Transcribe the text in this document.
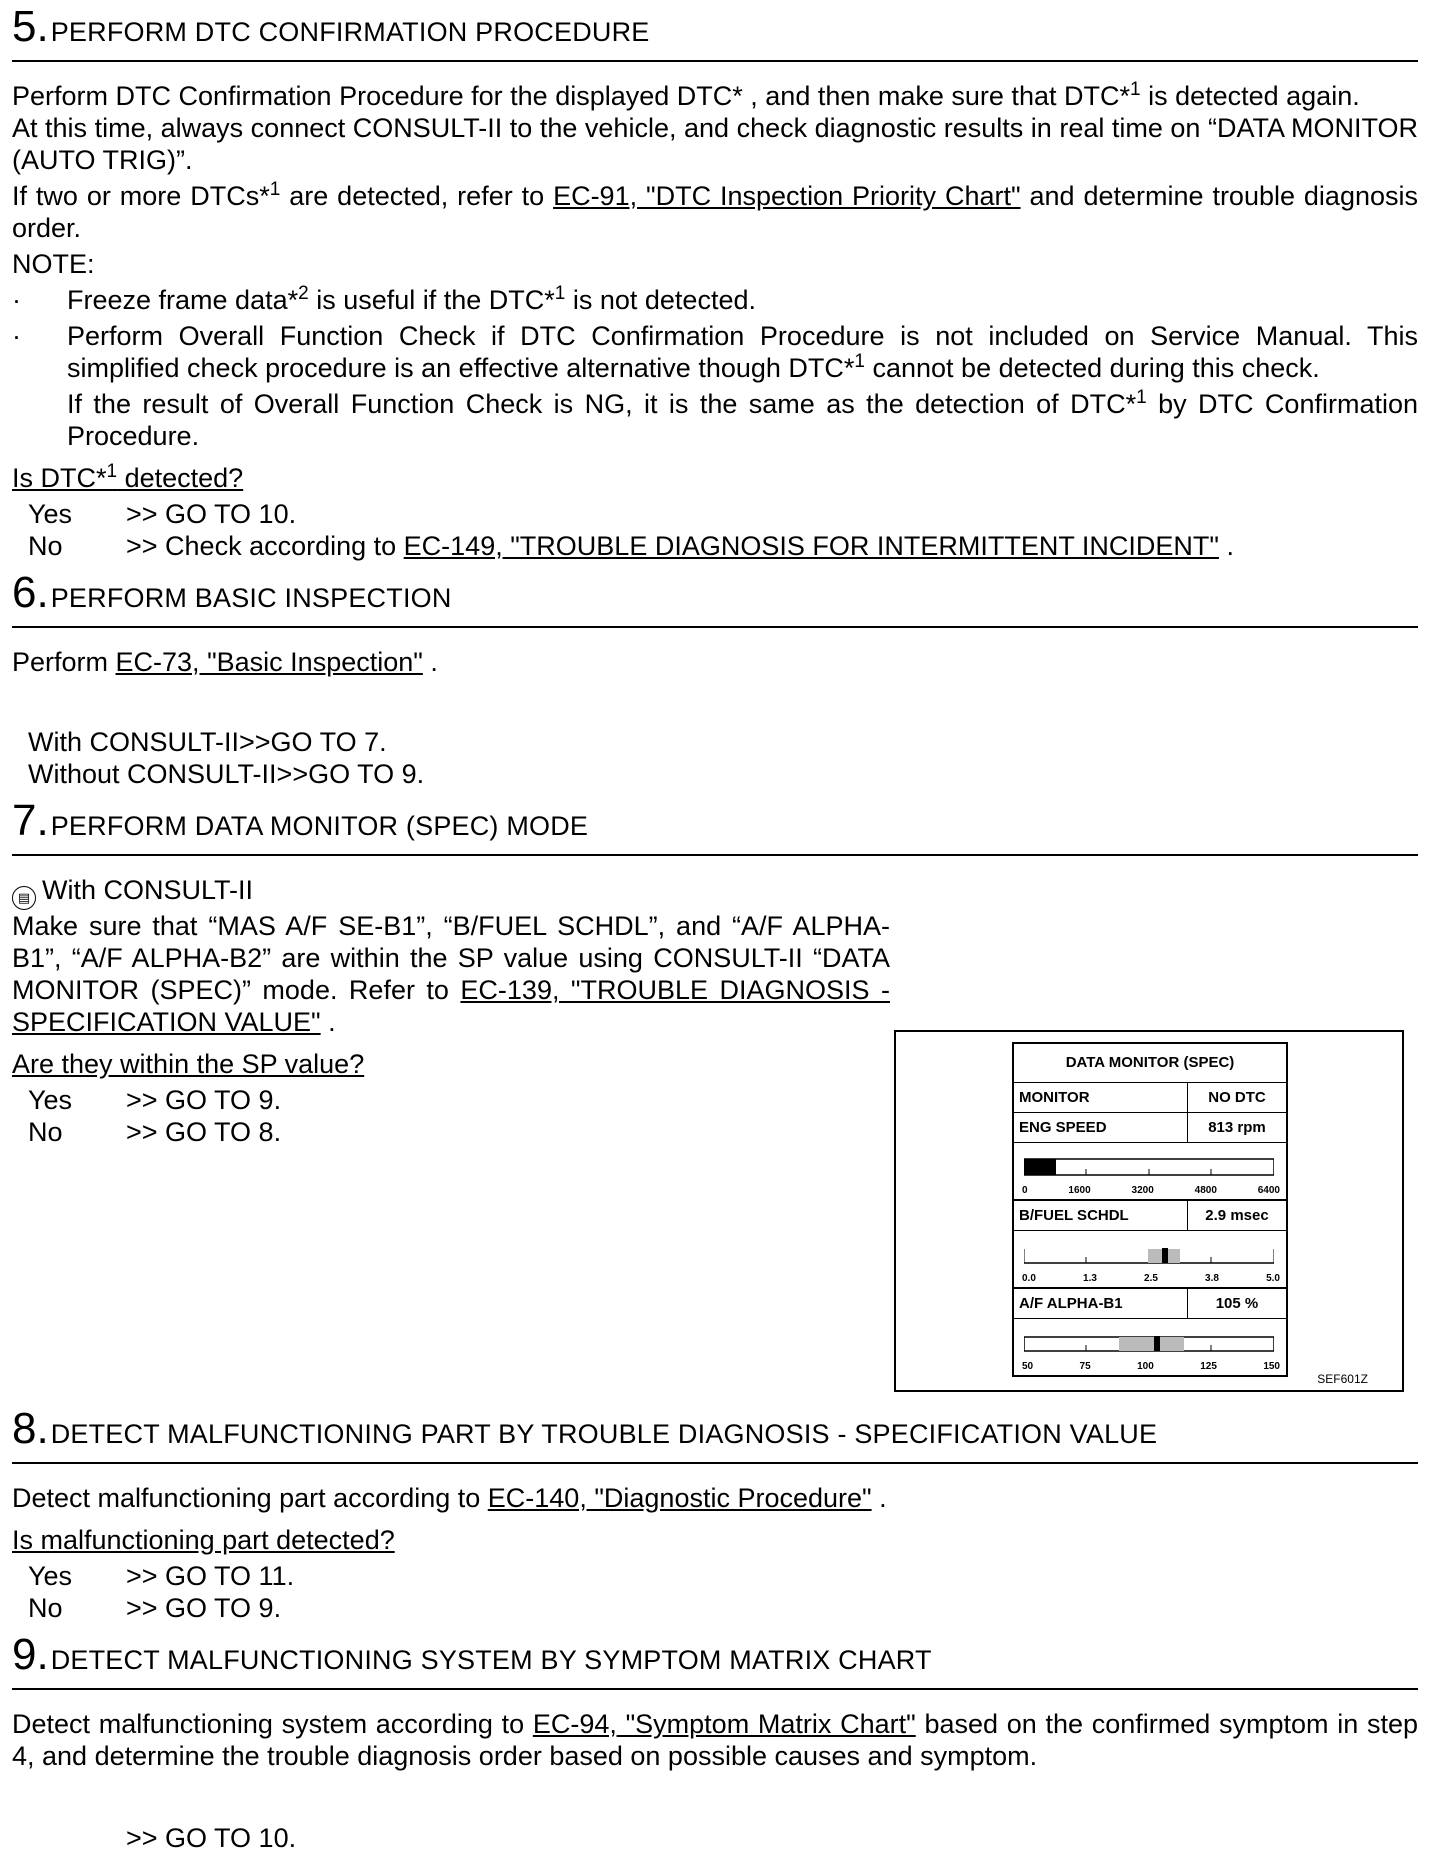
5. PERFORM DTC CONFIRMATION PROCEDURE

Perform DTC Confirmation Procedure for the displayed DTC* , and then make sure that DTC*$^1$ is detected again.

At this time, always connect CONSULT-II to the vehicle, and check diagnostic results in real time on “DATA MONITOR (AUTO TRIG)”.

If two or more DTCs*$^1$ are detected, refer to EC-91, "DTC Inspection Priority Chart" and determine trouble diagnosis order.

NOTE:

· Freeze frame data*$^2$ is useful if the DTC*$^1$ is not detected.
· Perform Overall Function Check if DTC Confirmation Procedure is not included on Service Manual. This simplified check procedure is an effective alternative though DTC*$^1$ cannot be detected during this check.
If the result of Overall Function Check is NG, it is the same as the detection of DTC*$^1$ by DTC Confirmation Procedure.

Is DTC*$^1$ detected?

Yes	>> GO TO 10.
No	>> Check according to EC-149, "TROUBLE DIAGNOSIS FOR INTERMITTENT INCIDENT" .
6. PERFORM BASIC INSPECTION

Perform EC-73, "Basic Inspection" .

With CONSULT-II>>GO TO 7.

Without CONSULT-II>>GO TO 9.

7. PERFORM DATA MONITOR (SPEC) MODE

▤ With CONSULT-II

Make sure that “MAS A/F SE-B1”, “B/FUEL SCHDL”, and “A/F ALPHA-B1”, “A/F ALPHA-B2” are within the SP value using CONSULT-II “DATA MONITOR (SPEC)” mode. Refer to EC-139, "TROUBLE DIAGNOSIS - SPECIFICATION VALUE" .

Are they within the SP value?

Yes	>> GO TO 9.
No	>> GO TO 8.
DATA MONITOR (SPEC)
MONITOR	NO DTC
ENG SPEED	813 rpm
0	1600	3200	4800	6400
B/FUEL SCHDL	2.9 msec
0.0	1.3	2.5	3.8	5.0
A/F ALPHA-B1	105 %
50	75	100	125	150
SEF601Z
8. DETECT MALFUNCTIONING PART BY TROUBLE DIAGNOSIS - SPECIFICATION VALUE

Detect malfunctioning part according to EC-140, "Diagnostic Procedure" .

Is malfunctioning part detected?

Yes	>> GO TO 11.
No	>> GO TO 9.
9. DETECT MALFUNCTIONING SYSTEM BY SYMPTOM MATRIX CHART

Detect malfunctioning system according to EC-94, "Symptom Matrix Chart" based on the confirmed symptom in step 4, and determine the trouble diagnosis order based on possible causes and symptom.

>> GO TO 10.
